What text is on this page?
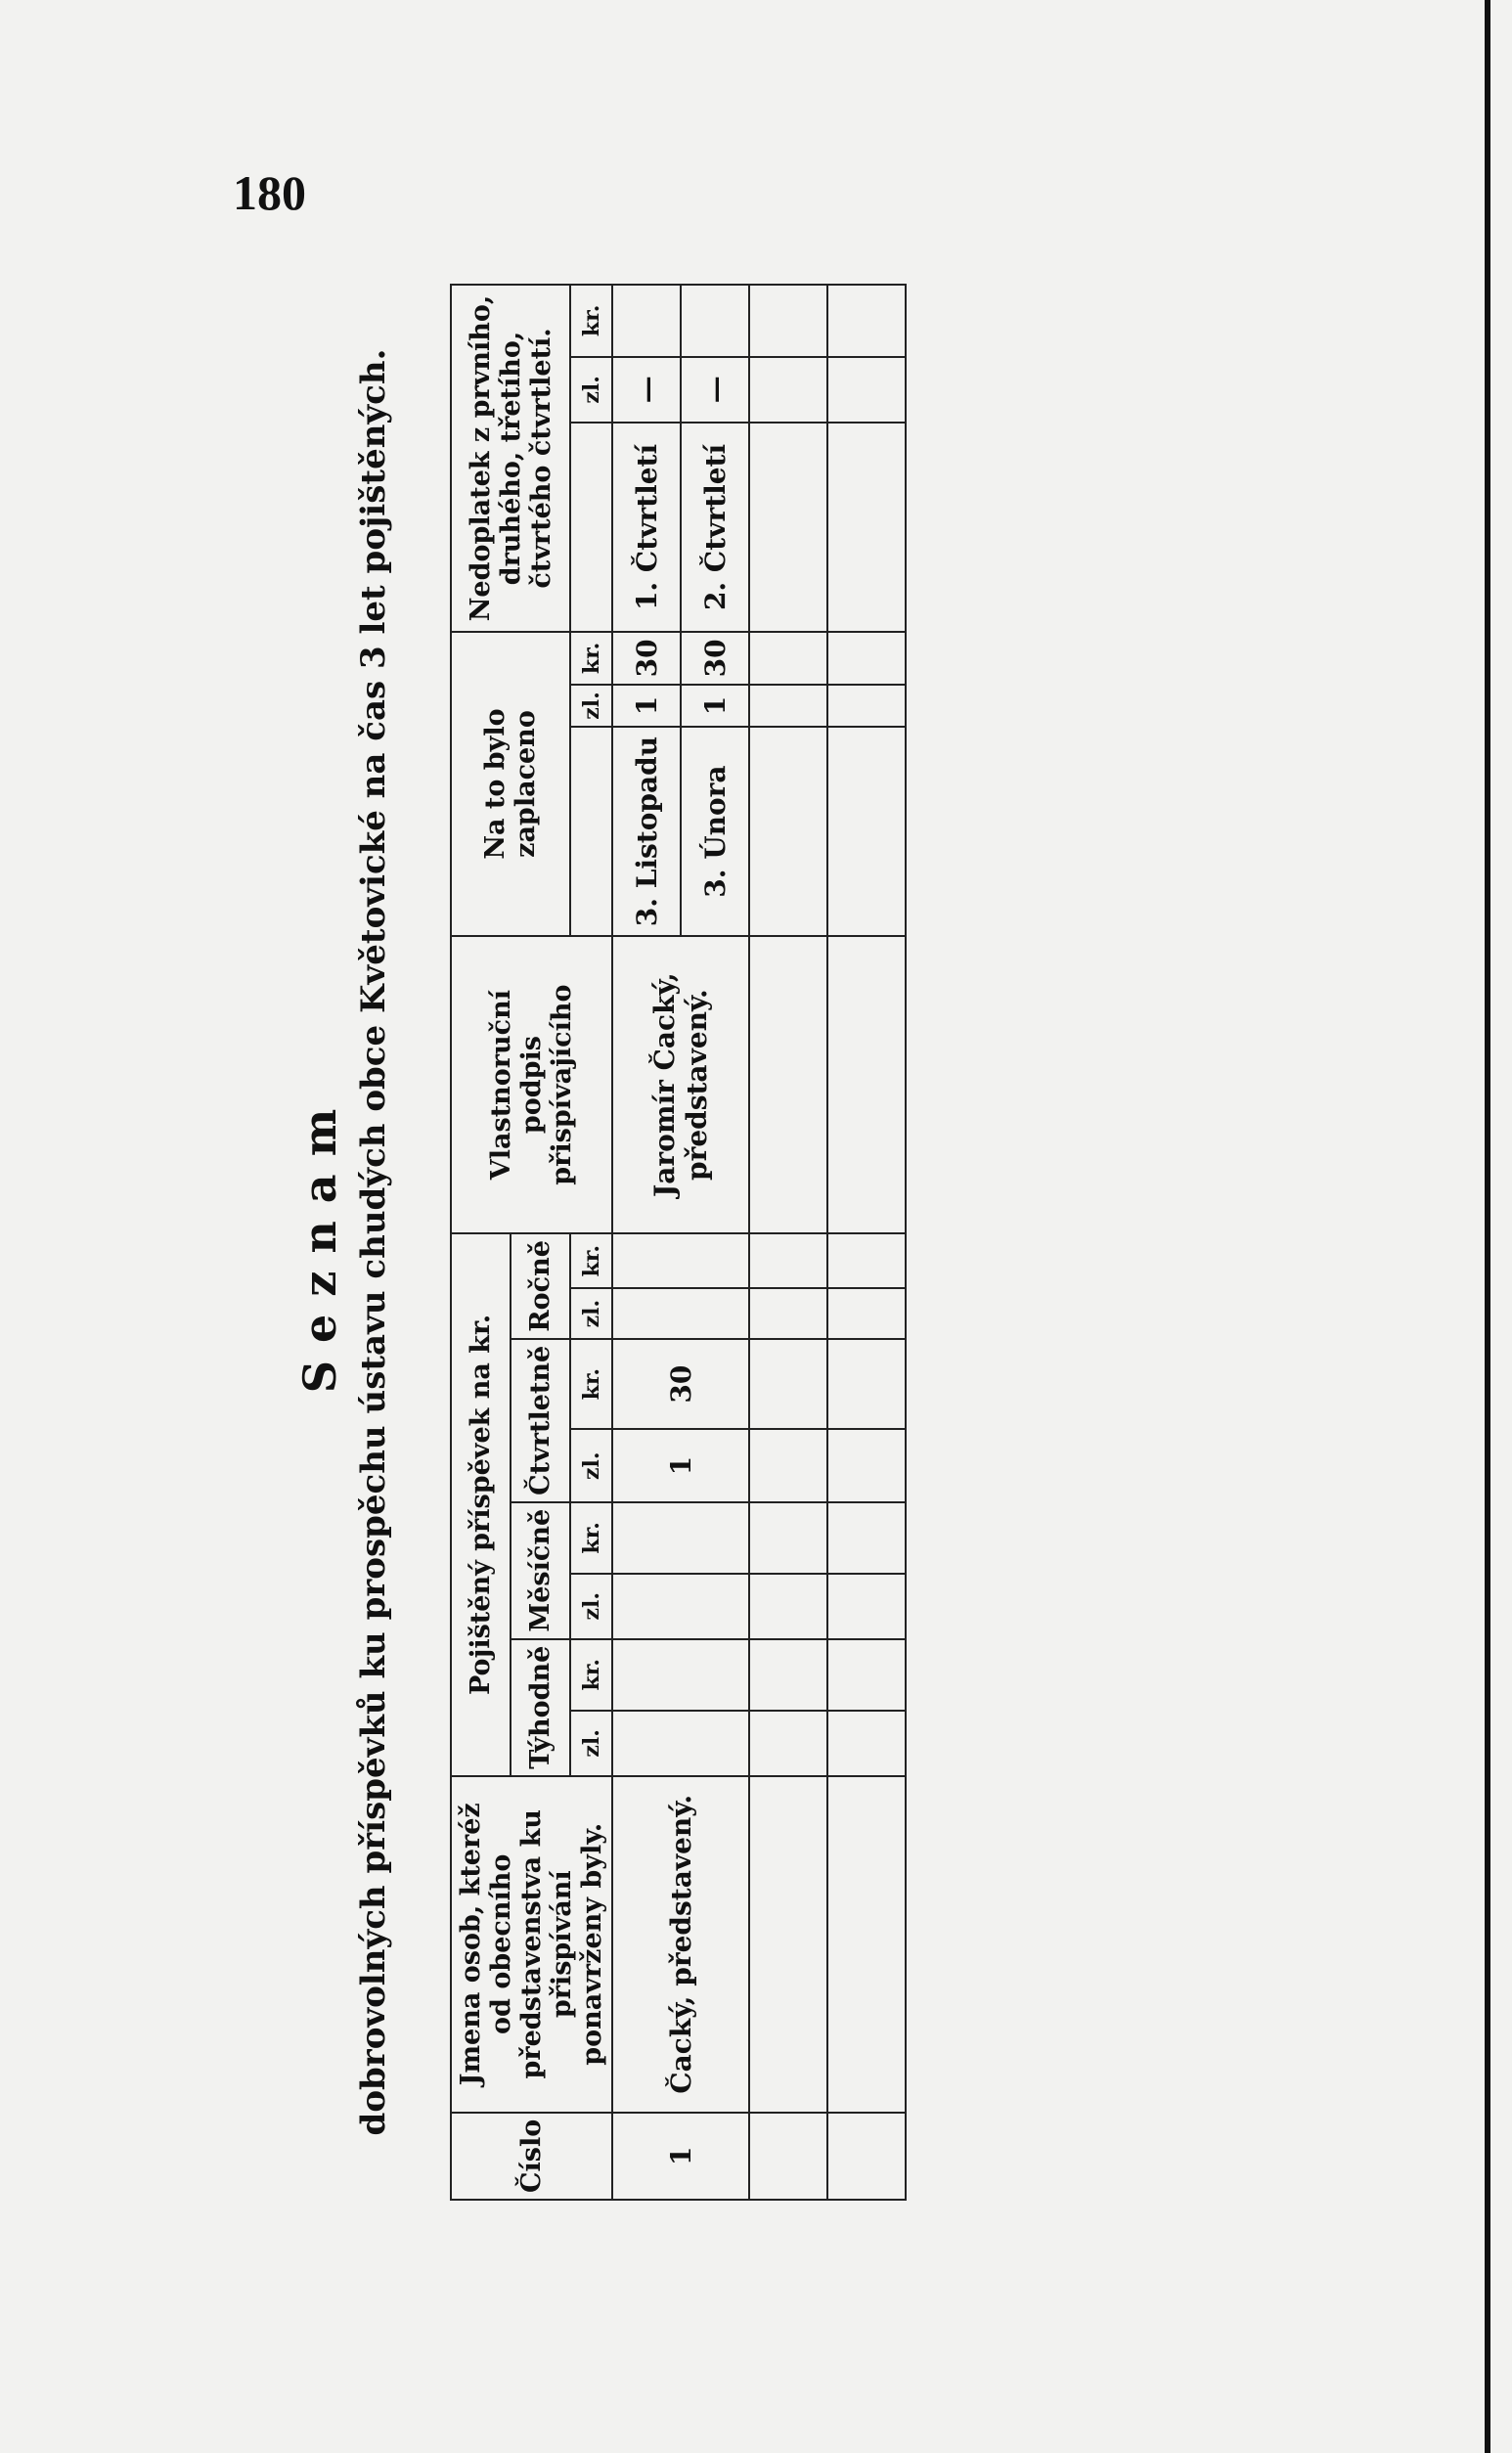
180
Seznam dobrovolných příspěvků ku prospěchu ústavu chudých obce Květovické na čas 3 let pojištěných.
Číslo	Jmena osob, kteréž od obecního představenstva ku přispívání ponavrženy byly.	Pojištěný příspěvek na kr.								Vlastnoruční podpis přispívajícího	Na to bylo zaplaceno			Nedoplatek z prvního, druhého, třetího, čtvrtého čtvrtletí.		
		Týhodně		Měsíčně		Čtvrtletně		Ročně								
		zl.	kr.	zl.	kr.	zl.	kr.	zl.	kr.			zl.	kr.		zl.	kr.
1	Čacký, představený.					1	30			Jaromír Čacký, představený.	3. Listopadu	1	30	1. Čtvrtletí	—	
											3. Února	1	30	2. Čtvrtletí	—	
